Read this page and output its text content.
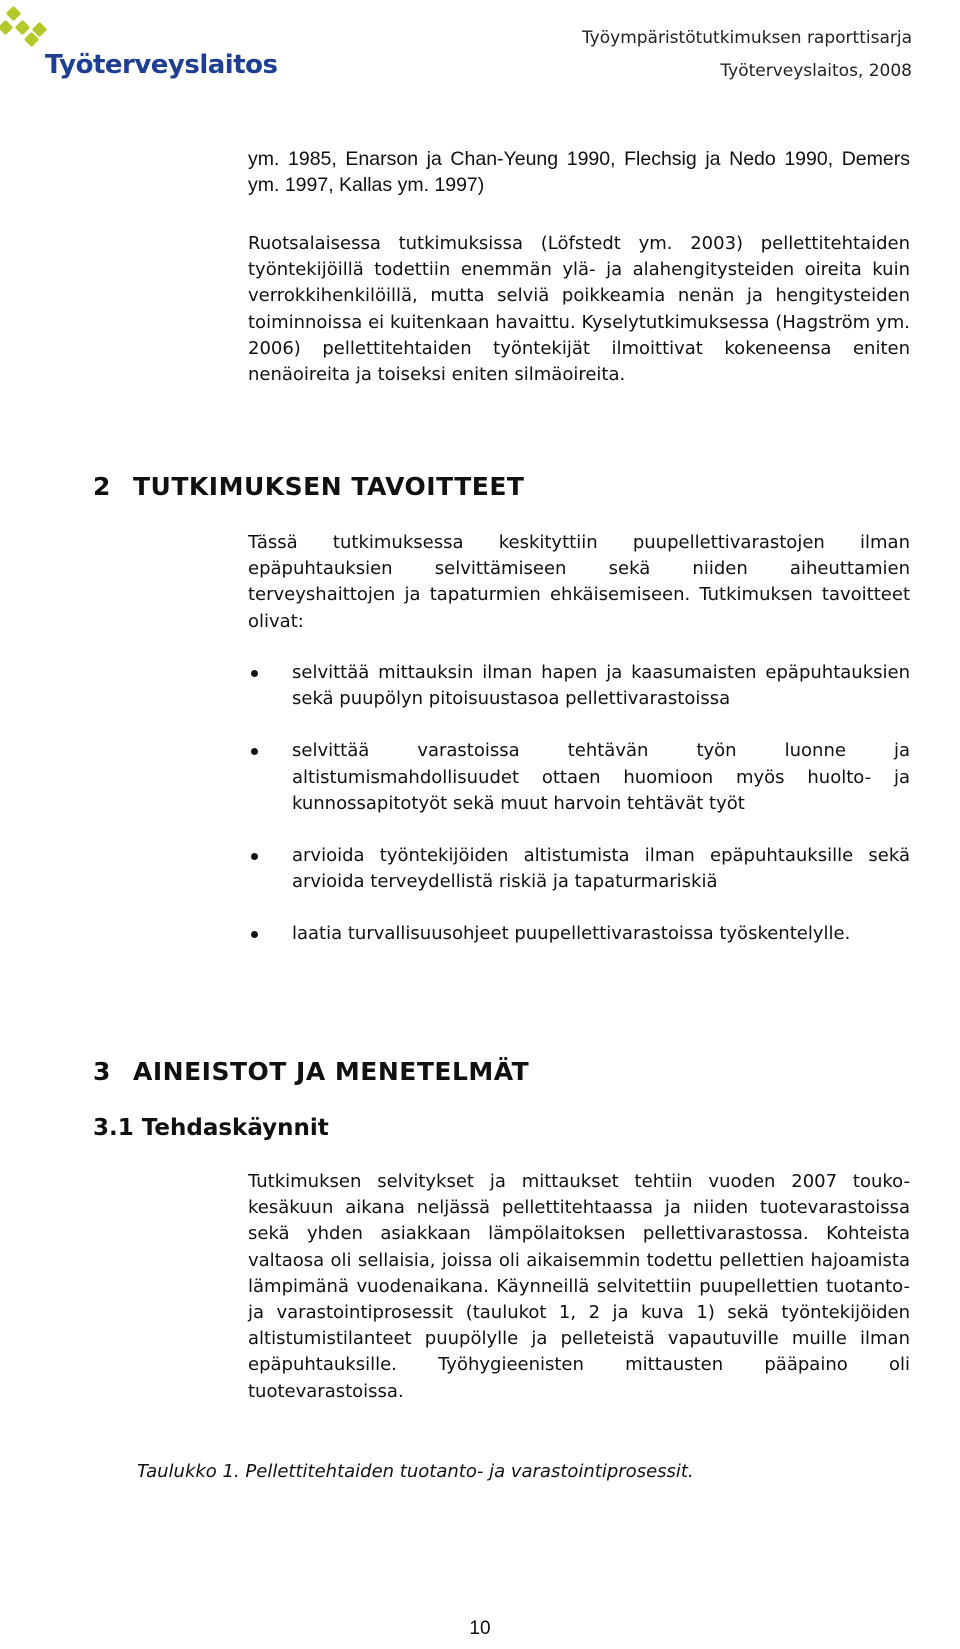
Työterveyslaitos
Työympäristötutkimuksen raporttisarja
Työterveyslaitos, 2008

ym. 1985, Enarson ja Chan-Yeung 1990, Flechsig ja Nedo 1990, Demers ym. 1997, Kallas ym. 1997)

Ruotsalaisessa tutkimuksissa (Löfstedt ym. 2003) pellettitehtaiden työntekijöillä todettiin enemmän ylä- ja alahengitysteiden oireita kuin verrokkihenkilöillä, mutta selviä poikkeamia nenän ja hengitysteiden toiminnoissa ei kuitenkaan havaittu. Kyselytutkimuksessa (Hagström ym. 2006) pellettitehtaiden työntekijät ilmoittivat kokeneensa eniten nenäoireita ja toiseksi eniten silmäoireita.

2 TUTKIMUKSEN TAVOITTEET

Tässä tutkimuksessa keskityttiin puupellettivarastojen ilman epäpuhtauksien selvittämiseen sekä niiden aiheuttamien terveyshaittojen ja tapaturmien ehkäisemiseen. Tutkimuksen tavoitteet olivat:

selvittää mittauksin ilman hapen ja kaasumaisten epäpuhtauksien sekä puupölyn pitoisuustasoa pellettivarastoissa

selvittää varastoissa tehtävän työn luonne ja altistumismahdollisuudet ottaen huomioon myös huolto- ja kunnossapitotyöt sekä muut harvoin tehtävät työt

arvioida työntekijöiden altistumista ilman epäpuhtauksille sekä arvioida terveydellistä riskiä ja tapaturmariskiä

laatia turvallisuusohjeet puupellettivarastoissa työskentelylle.

3 AINEISTOT JA MENETELMÄT
3.1 Tehdaskäynnit

Tutkimuksen selvitykset ja mittaukset tehtiin vuoden 2007 touko-kesäkuun aikana neljässä pellettitehtaassa ja niiden tuotevarastoissa sekä yhden asiakkaan lämpölaitoksen pellettivarastossa. Kohteista valtaosa oli sellaisia, joissa oli aikaisemmin todettu pellettien hajoamista lämpimänä vuodenaikana. Käynneillä selvitettiin puupellettien tuotanto- ja varastointiprosessit (taulukot 1, 2 ja kuva 1) sekä työntekijöiden altistumistilanteet puupölylle ja pelleteistä vapautuville muille ilman epäpuhtauksille. Työhygieenisten mittausten pääpaino oli tuotevarastoissa.

Taulukko 1. Pellettitehtaiden tuotanto- ja varastointiprosessit.

10
